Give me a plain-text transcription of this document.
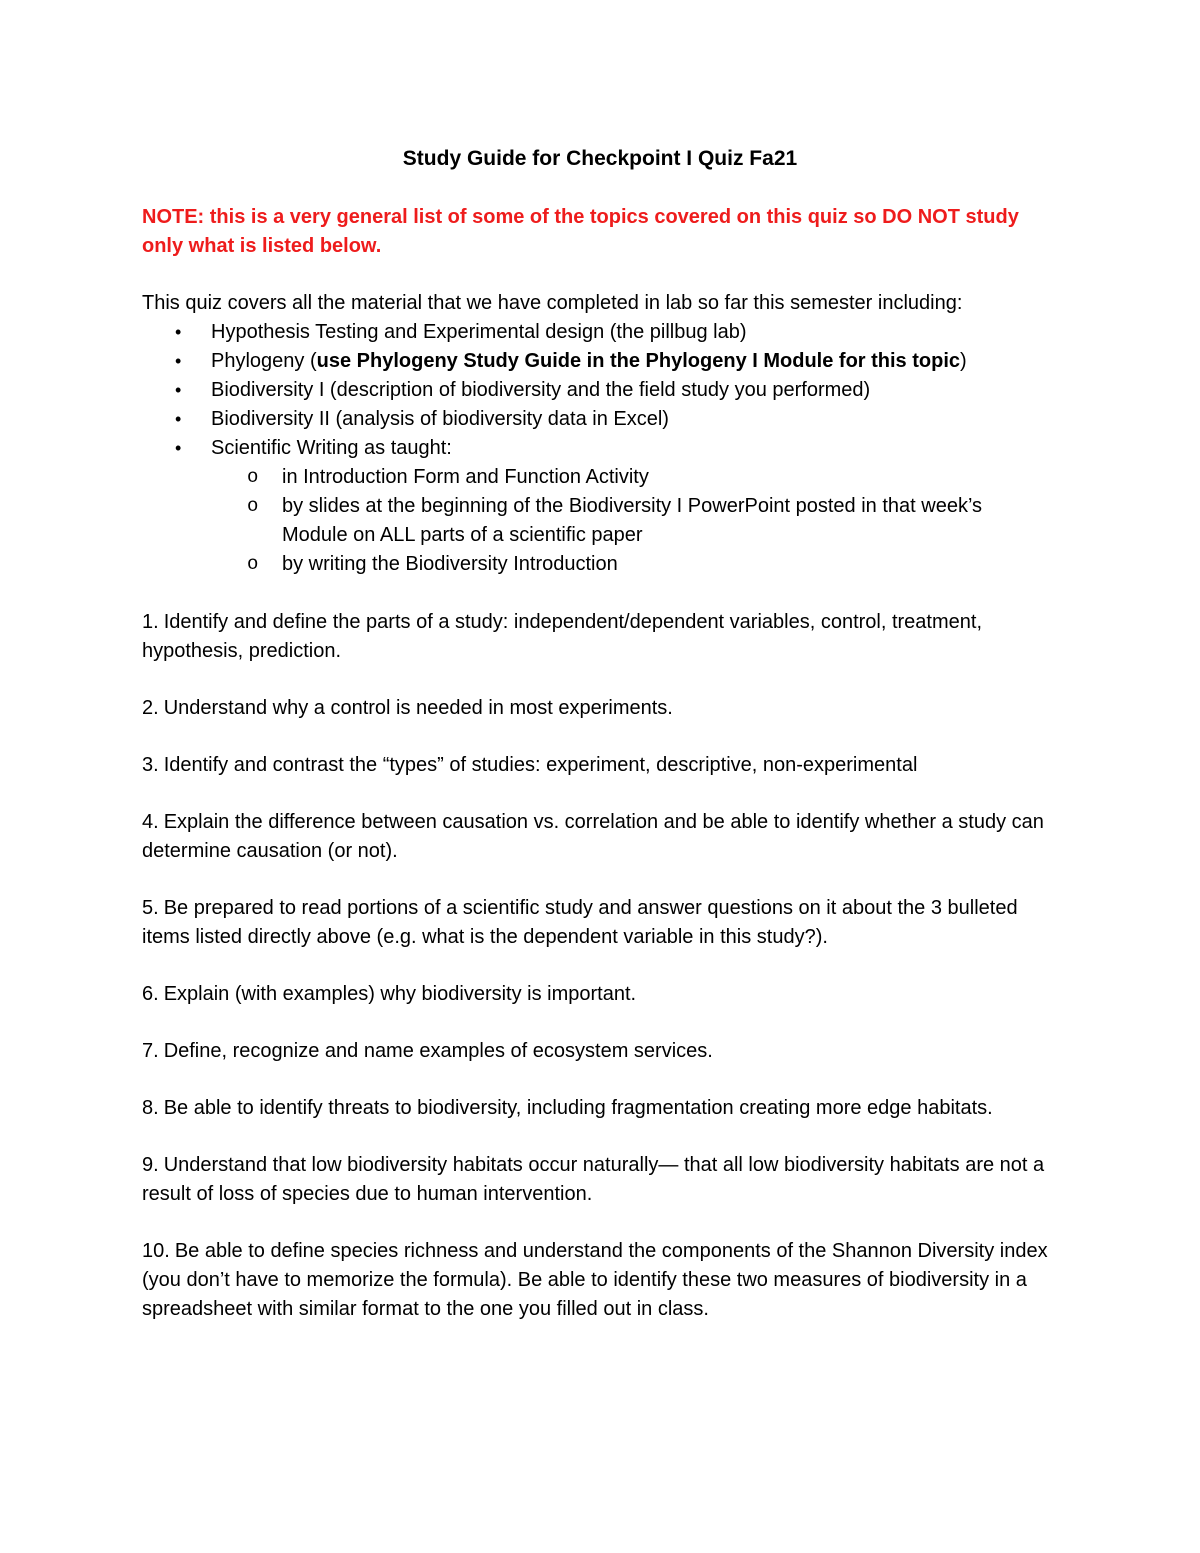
Study Guide for Checkpoint I Quiz Fa21
NOTE: this is a very general list of some of the topics covered on this quiz so DO NOT study only what is listed below.
This quiz covers all the material that we have completed in lab so far this semester including:
• Hypothesis Testing and Experimental design (the pillbug lab)
• Phylogeny (use Phylogeny Study Guide in the Phylogeny I Module for this topic)
• Biodiversity I (description of biodiversity and the field study you performed)
• Biodiversity II (analysis of biodiversity data in Excel)
• Scientific Writing as taught:
o in Introduction Form and Function Activity
o by slides at the beginning of the Biodiversity I PowerPoint posted in that week’s Module on ALL parts of a scientific paper
o by writing the Biodiversity Introduction

1. Identify and define the parts of a study: independent/dependent variables, control, treatment, hypothesis, prediction.

2. Understand why a control is needed in most experiments.

3. Identify and contrast the “types” of studies: experiment, descriptive, non-experimental

4. Explain the difference between causation vs. correlation and be able to identify whether a study can determine causation (or not).

5. Be prepared to read portions of a scientific study and answer questions on it about the 3 bulleted items listed directly above (e.g. what is the dependent variable in this study?).

6. Explain (with examples) why biodiversity is important.

7. Define, recognize and name examples of ecosystem services.

8. Be able to identify threats to biodiversity, including fragmentation creating more edge habitats.

9. Understand that low biodiversity habitats occur naturally— that all low biodiversity habitats are not a result of loss of species due to human intervention.

10. Be able to define species richness and understand the components of the Shannon Diversity index (you don’t have to memorize the formula). Be able to identify these two measures of biodiversity in a spreadsheet with similar format to the one you filled out in class.
